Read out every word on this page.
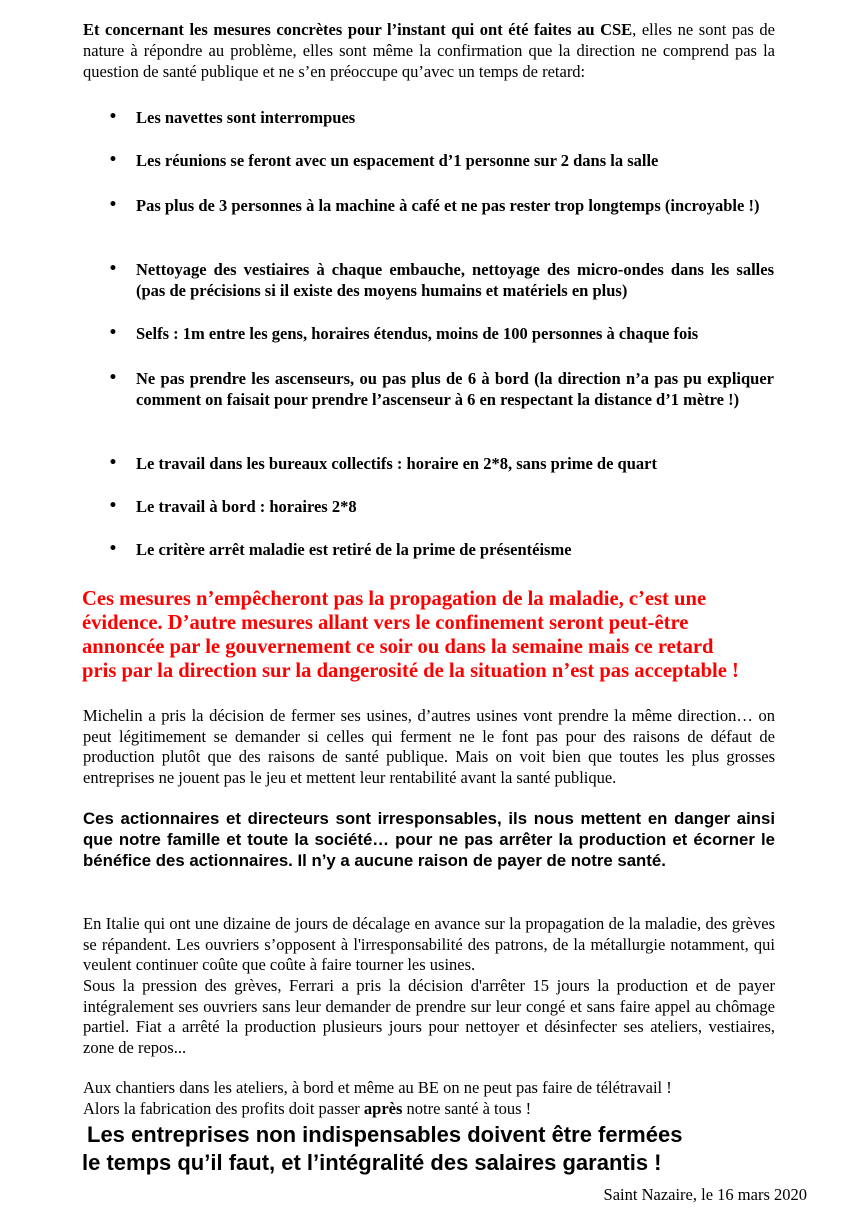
Et concernant les mesures concrètes pour l’instant qui ont été faites au CSE, elles ne sont pas de nature à répondre au problème, elles sont même la confirmation que la direction ne comprend pas la question de santé publique et ne s’en préoccupe qu’avec un temps de retard:

• Les navettes sont interrompues
• Les réunions se feront avec un espacement d’1 personne sur 2 dans la salle
• Pas plus de 3 personnes à la machine à café et ne pas rester trop longtemps (incroyable !)
• Nettoyage des vestiaires à chaque embauche, nettoyage des micro-ondes dans les salles (pas de précisions si il existe des moyens humains et matériels en plus)
• Selfs : 1m entre les gens, horaires étendus, moins de 100 personnes à chaque fois
• Ne pas prendre les ascenseurs, ou pas plus de 6 à bord (la direction n’a pas pu expliquer comment on faisait pour prendre l’ascenseur à 6 en respectant la distance d’1 mètre !)
• Le travail dans les bureaux collectifs : horaire en 2*8, sans prime de quart
• Le travail à bord : horaires 2*8
• Le critère arrêt maladie est retiré de la prime de présentéisme
Ces mesures n’empêcheront pas la propagation de la maladie, c’est une
évidence. D’autre mesures allant vers le confinement seront peut-être
annoncée par le gouvernement ce soir ou dans la semaine mais ce retard
pris par la direction sur la dangerosité de la situation n’est pas acceptable !

Michelin a pris la décision de fermer ses usines, d’autres usines vont prendre la même direction… on peut légitimement se demander si celles qui ferment ne le font pas pour des raisons de défaut de production plutôt que des raisons de santé publique. Mais on voit bien que toutes les plus grosses entreprises ne jouent pas le jeu et mettent leur rentabilité avant la santé publique.

Ces actionnaires et directeurs sont irresponsables, ils nous mettent en danger ainsi que notre famille et toute la société… pour ne pas arrêter la production et écorner le bénéfice des actionnaires. Il n’y a aucune raison de payer de notre santé.

En Italie qui ont une dizaine de jours de décalage en avance sur la propagation de la maladie, des grèves se répandent. Les ouvriers s’opposent à l'irresponsabilité des patrons, de la métallurgie notamment, qui veulent continuer coûte que coûte à faire tourner les usines.

Sous la pression des grèves, Ferrari a pris la décision d'arrêter 15 jours la production et de payer intégralement ses ouvriers sans leur demander de prendre sur leur congé et sans faire appel au chômage partiel. Fiat a arrêté la production plusieurs jours pour nettoyer et désinfecter ses ateliers, vestiaires, zone de repos...

Aux chantiers dans les ateliers, à bord et même au BE on ne peut pas faire de télétravail !

Alors la fabrication des profits doit passer après notre santé à tous !

Les entreprises non indispensables doivent être fermées
le temps qu’il faut, et l’intégralité des salaires garantis !

Saint Nazaire, le 16 mars 2020
